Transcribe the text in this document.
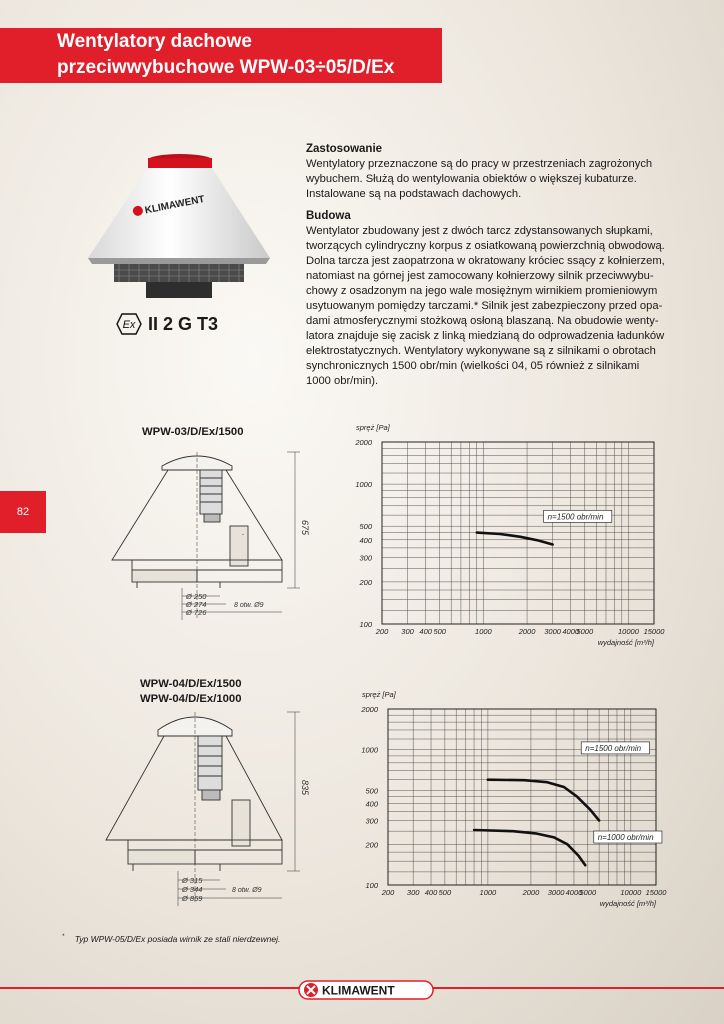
Wentylatory dachowe
przeciwwybuchowe WPW-03÷05/D/Ex
82
KLIMAWENT
Ex II 2 G T3
Zastosowanie

Wentylatory przeznaczone są do pracy w przestrzeniach zagrożonych
wybuchem. Służą do wentylowania obiektów o większej kubaturze.
Instalowane są na podstawach dachowych.

Budowa

Wentylator zbudowany jest z dwóch tarcz zdystansowanych słupkami,
tworzących cylindryczny korpus z osiatkowaną powierzchnią obwodową.
Dolna tarcza jest zaopatrzona w okratowany króciec ssący z kołnierzem,
natomiast na górnej jest zamocowany kołnierzowy silnik przeciwwybu-
chowy z osadzonym na jego wale mosiężnym wirnikiem promieniowym
usytuowanym pomiędzy tarczami.* Silnik jest zabezpieczony przed opa-
dami atmosferycznymi stożkową osłoną blaszaną. Na obudowie wenty-
latora znajduje się zacisk z linką miedzianą do odprowadzenia ładunków
elektrostatycznych. Wentylatory wykonywane są z silnikami o obrotach
synchronicznych 1500 obr/min (wielkości 04, 05 również z silnikami
1000 obr/min).

WPW-03/D/Ex/1500
WPW-04/D/Ex/1500
WPW-04/D/Ex/1000
675
Ø 250
Ø 274
Ø 726
8 otw. Ø9
835
Ø 315
Ø 344
Ø 859
8 otw. Ø9
100
200
300
400
500
1000
2000
200 300 400 500	1000	2000 3000 4000
5000	10000 15000
spręż [Pa]
wydajność [m³/h]
n=1500 obr/min
100
200
300
400
500
1000
2000
200 300 400 500	1000	2000 3000 4000
5000	10000 15000
spręż [Pa]
wydajność [m³/h]
n=1500 obr/min
n=1000 obr/min
* Typ WPW-05/D/Ex posiada wirnik ze stali nierdzewnej.
KLIMAWENT
